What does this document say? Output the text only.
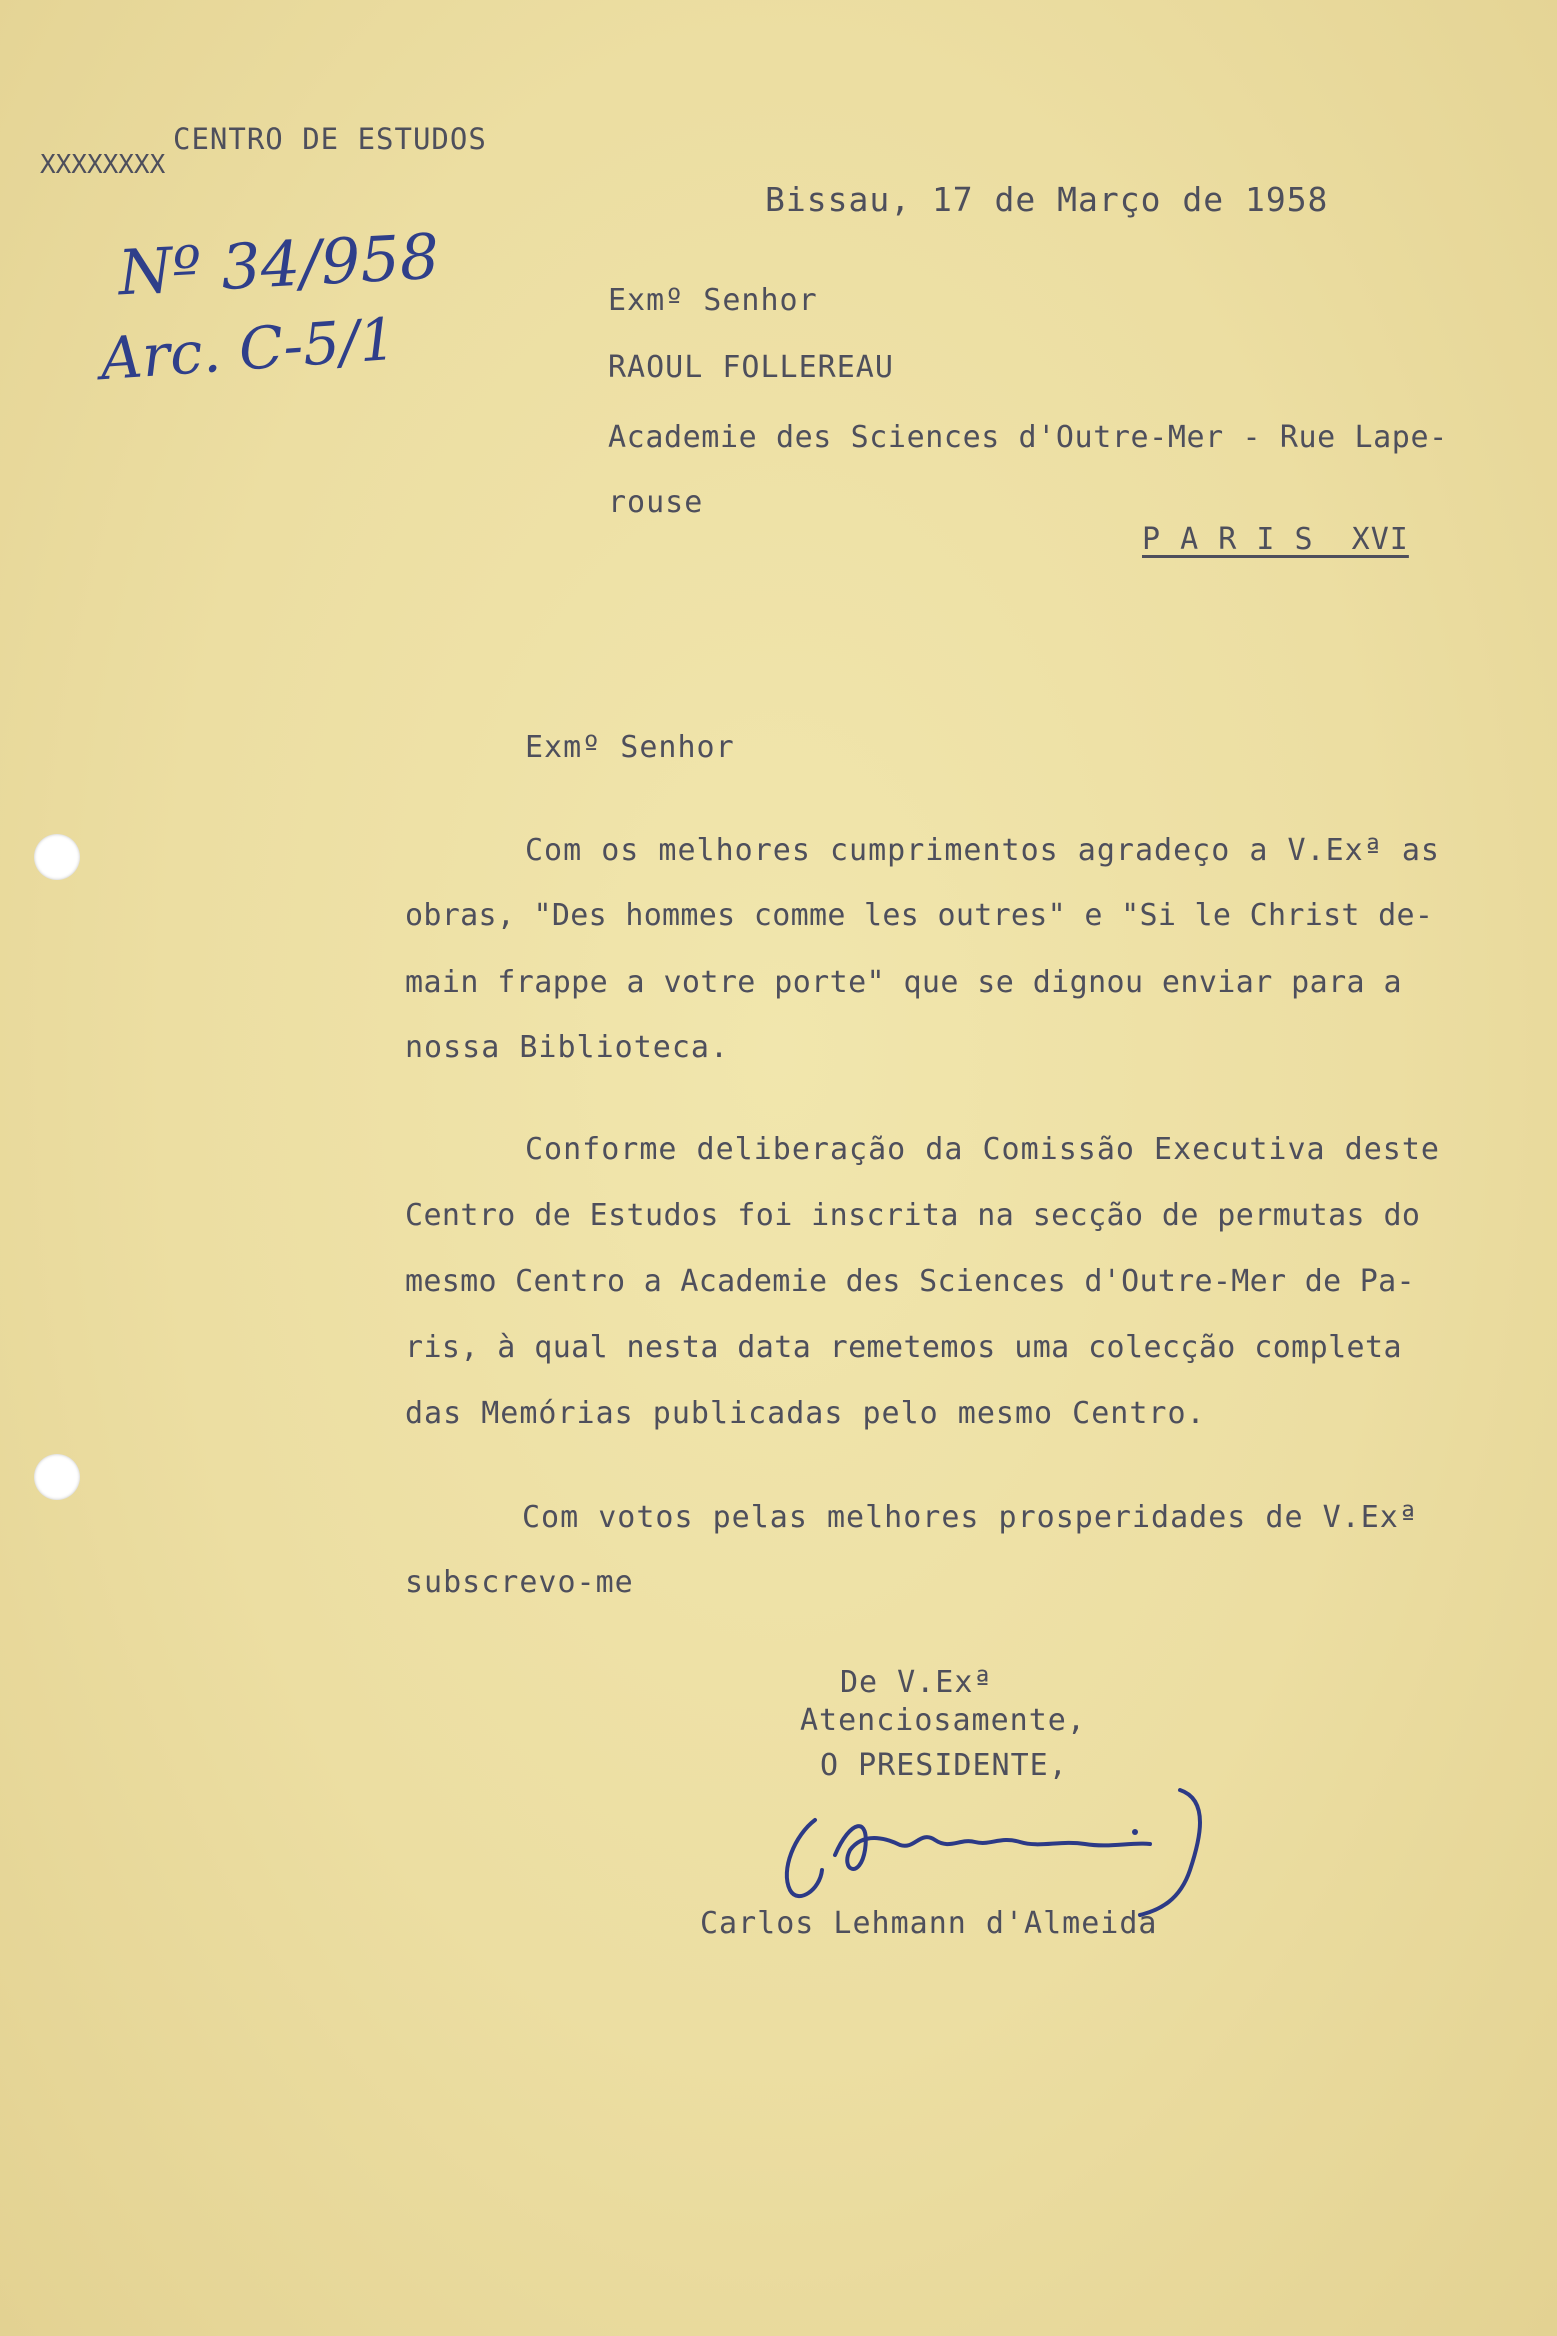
CENTRO DE ESTUDOS
XXXXXXXX
Nº 34/958
Arc. C-5/1
Bissau, 17 de Março de 1958
Exmº Senhor
RAOUL FOLLEREAU
Academie des Sciences d'Outre-Mer - Rue Lape-
rouse
P A R I S  XVI
Exmº Senhor
Com os melhores cumprimentos agradeço a V.Exª as
obras, "Des hommes comme les outres" e "Si le Christ de-
main frappe a votre porte" que se dignou enviar para a
nossa Biblioteca.
Conforme deliberação da Comissão Executiva deste
Centro de Estudos foi inscrita na secção de permutas do
mesmo Centro a Academie des Sciences d'Outre-Mer de Pa-
ris, à qual nesta data remetemos uma colecção completa
das Memórias publicadas pelo mesmo Centro.
Com votos pelas melhores prosperidades de V.Exª
subscrevo-me
De V.Exª
Atenciosamente,
O PRESIDENTE,
Carlos Lehmann d'Almeida
